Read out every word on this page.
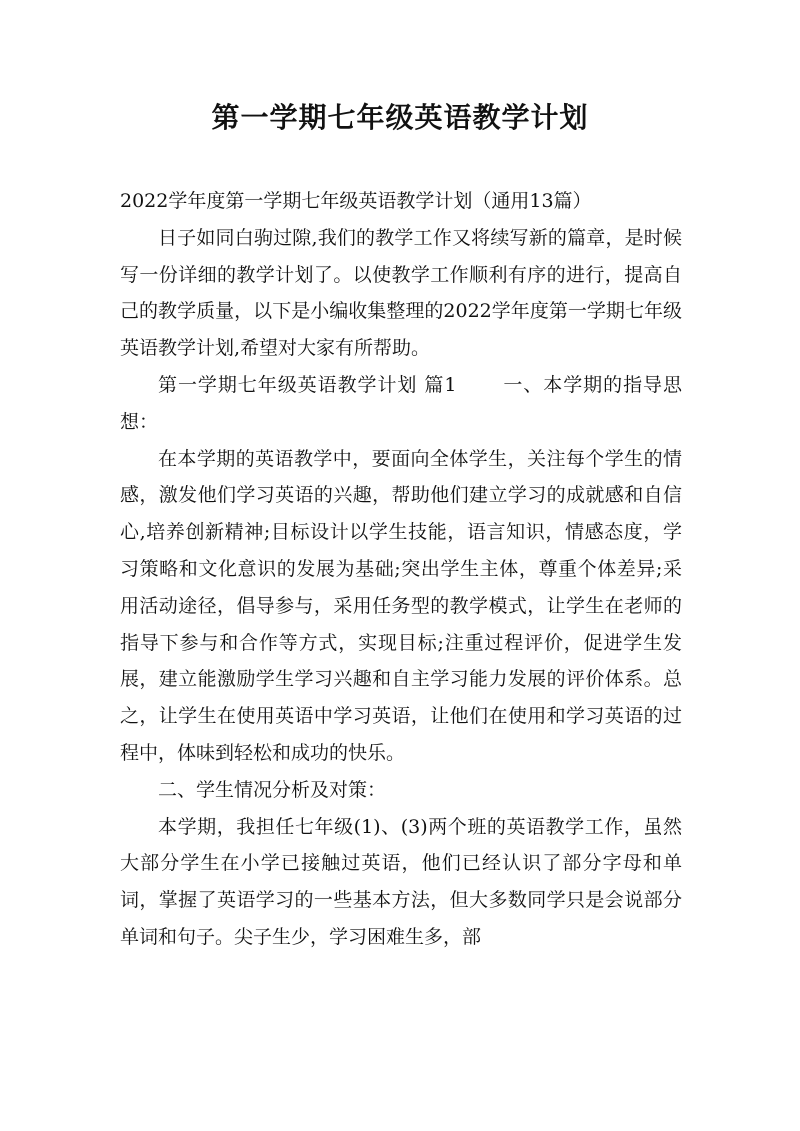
第一学期七年级英语教学计划

2022学年度第一学期七年级英语教学计划（通用13篇）

日子如同白驹过隙,我们的教学工作又将续写新的篇章，是时候写一份详细的教学计划了。以使教学工作顺利有序的进行，提高自己的教学质量，以下是小编收集整理的2022学年度第一学期七年级英语教学计划,希望对大家有所帮助。

第一学期七年级英语教学计划 篇1 一、本学期的指导思想：

在本学期的英语教学中，要面向全体学生，关注每个学生的情感，激发他们学习英语的兴趣，帮助他们建立学习的成就感和自信心,培养创新精神;目标设计以学生技能，语言知识，情感态度，学习策略和文化意识的发展为基础;突出学生主体，尊重个体差异;采用活动途径，倡导参与，采用任务型的教学模式，让学生在老师的指导下参与和合作等方式，实现目标;注重过程评价，促进学生发展，建立能激励学生学习兴趣和自主学习能力发展的评价体系。总之，让学生在使用英语中学习英语，让他们在使用和学习英语的过程中，体味到轻松和成功的快乐。

二、学生情况分析及对策：

本学期，我担任七年级(1)、(3)两个班的英语教学工作，虽然大部分学生在小学已接触过英语，他们已经认识了部分字母和单词，掌握了英语学习的一些基本方法，但大多数同学只是会说部分单词和句子。尖子生少，学习困难生多，部
